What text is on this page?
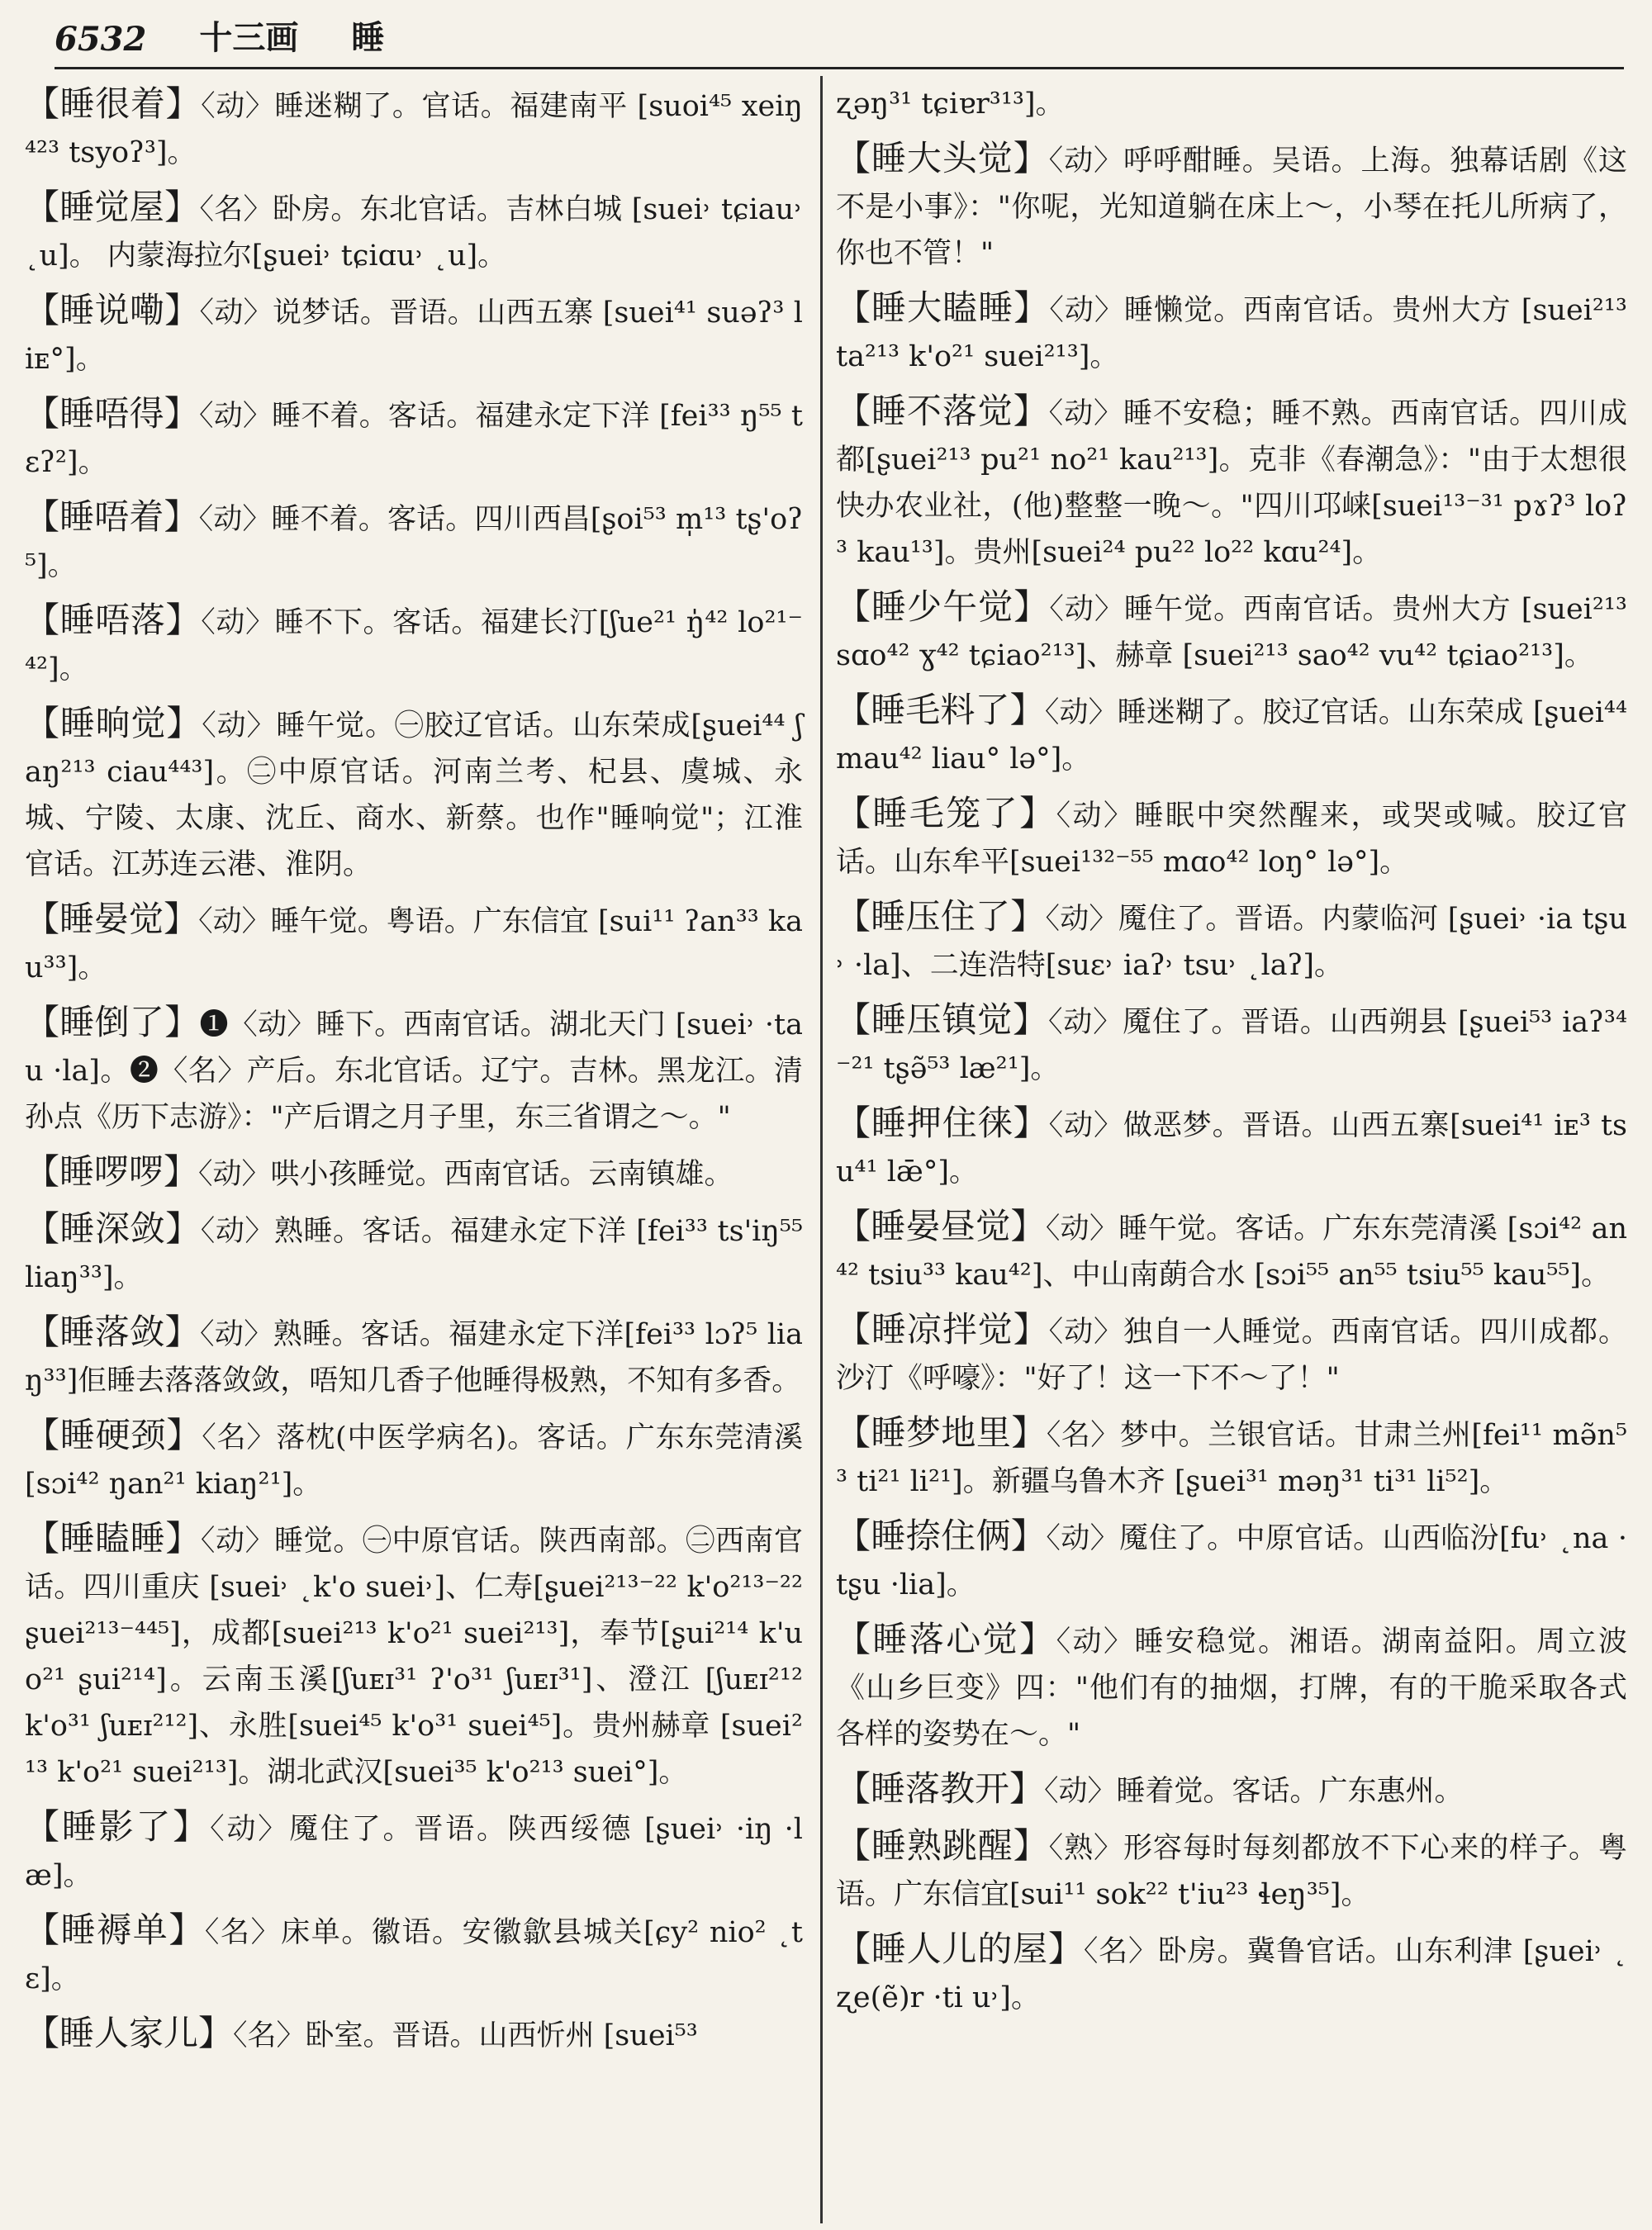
6532 十三画 睡
【睡很着】〈动〉睡迷糊了。官话。福建南平 [suoi⁴⁵ xeiŋ⁴²³ tsyoʔ³]。
【睡觉屋】〈名〉卧房。东北官话。吉林白城 [suei˒ tɕiau˒ ˛u]。 内蒙海拉尔[ʂuei˒ tɕiɑu˒ ˛u]。
【睡说嘞】〈动〉说梦话。晋语。山西五寨 [suei⁴¹ suəʔ³ liᴇ°]。
【睡唔得】〈动〉睡不着。客话。福建永定下洋 [fei³³ ŋ⁵⁵ tɛʔ²]。
【睡唔着】〈动〉睡不着。客话。四川西昌[ʂoi⁵³ m̩¹³ tʂ'oʔ⁵]。
【睡唔落】〈动〉睡不下。客话。福建长汀[ʃue²¹ ŋ̍⁴² lo²¹⁻⁴²]。
【睡晌觉】〈动〉睡午觉。㊀胶辽官话。山东荣成[ʂuei⁴⁴ ʃaŋ²¹³ ciau⁴⁴³]。㊁中原官话。河南兰考、杞县、虞城、永城、宁陵、太康、沈丘、商水、新蔡。也作"睡响觉"；江淮官话。江苏连云港、淮阴。
【睡晏觉】〈动〉睡午觉。粤语。广东信宜 [sui¹¹ ʔan³³ kau³³]。
【睡倒了】❶〈动〉睡下。西南官话。湖北天门 [suei˒ ·tau ·la]。❷〈名〉产后。东北官话。辽宁。吉林。黑龙江。清孙点《历下志游》："产后谓之月子里，东三省谓之～。"
【睡啰啰】〈动〉哄小孩睡觉。西南官话。云南镇雄。
【睡深敛】〈动〉熟睡。客话。福建永定下洋 [fei³³ ts'iŋ⁵⁵ liaŋ³³]。
【睡落敛】〈动〉熟睡。客话。福建永定下洋[fei³³ lɔʔ⁵ liaŋ³³]佢睡去落落敛敛，唔知几香子他睡得极熟，不知有多香。
【睡硬颈】〈名〉落枕(中医学病名)。客话。广东东莞清溪[sɔi⁴² ŋan²¹ kiaŋ²¹]。
【睡瞌睡】〈动〉睡觉。㊀中原官话。陕西南部。㊁西南官话。四川重庆 [suei˒ ˛k'o suei˒]、仁寿[ʂuei²¹³⁻²² k'o²¹³⁻²² ʂuei²¹³⁻⁴⁴⁵]，成都[suei²¹³ k'o²¹ suei²¹³]，奉节[ʂui²¹⁴ k'uo²¹ ʂui²¹⁴]。云南玉溪[ʃuᴇɪ³¹ ʔ'o³¹ ʃuᴇɪ³¹]、澄江 [ʃuᴇɪ²¹² k'o³¹ ʃuᴇɪ²¹²]、永胜[suei⁴⁵ k'o³¹ suei⁴⁵]。贵州赫章 [suei²¹³ k'o²¹ suei²¹³]。湖北武汉[suei³⁵ k'o²¹³ suei°]。
【睡影了】〈动〉魇住了。晋语。陕西绥德 [ʂuei˒ ·iŋ ·læ]。
【睡褥单】〈名〉床单。徽语。安徽歙县城关[ɕy² nio² ˛tɛ]。
【睡人家儿】〈名〉卧室。晋语。山西忻州 [suei⁵³
ʐəŋ³¹ tɕiɐr³¹³]。
【睡大头觉】〈动〉呼呼酣睡。吴语。上海。独幕话剧《这不是小事》："你呢，光知道躺在床上～，小琴在托儿所病了，你也不管！"
【睡大瞌睡】〈动〉睡懒觉。西南官话。贵州大方 [suei²¹³ ta²¹³ k'o²¹ suei²¹³]。
【睡不落觉】〈动〉睡不安稳；睡不熟。西南官话。四川成都[ʂuei²¹³ pu²¹ no²¹ kau²¹³]。克非《春潮急》："由于太想很快办农业社，(他)整整一晚～。"四川邛崃[suei¹³⁻³¹ pɤʔ³ loʔ³ kau¹³]。贵州[suei²⁴ pu²² lo²² kɑu²⁴]。
【睡少午觉】〈动〉睡午觉。西南官话。贵州大方 [suei²¹³ sɑo⁴² ɣ⁴² tɕiao²¹³]、赫章 [suei²¹³ sao⁴² vu⁴² tɕiao²¹³]。
【睡毛料了】〈动〉睡迷糊了。胶辽官话。山东荣成 [ʂuei⁴⁴ mau⁴² liau° lə°]。
【睡毛笼了】〈动〉睡眠中突然醒来，或哭或喊。胶辽官话。山东牟平[suei¹³²⁻⁵⁵ mɑo⁴² loŋ° lə°]。
【睡压住了】〈动〉魇住了。晋语。内蒙临河 [ʂuei˒ ·ia tʂu˒ ·la]、二连浩特[suɛ˒ iaʔ˒ tsu˒ ˛laʔ]。
【睡压镇觉】〈动〉魇住了。晋语。山西朔县 [ʂuei⁵³ iaʔ³⁴⁻²¹ tʂə̃⁵³ læ²¹]。
【睡押住徕】〈动〉做恶梦。晋语。山西五寨[suei⁴¹ iᴇ³ tsu⁴¹ lǣ°]。
【睡晏昼觉】〈动〉睡午觉。客话。广东东莞清溪 [sɔi⁴² an⁴² tsiu³³ kau⁴²]、中山南蓢合水 [sɔi⁵⁵ an⁵⁵ tsiu⁵⁵ kau⁵⁵]。
【睡凉拌觉】〈动〉独自一人睡觉。西南官话。四川成都。沙汀《呼嚎》："好了！这一下不～了！"
【睡梦地里】〈名〉梦中。兰银官话。甘肃兰州[fei¹¹ mə̃n⁵³ ti²¹ li²¹]。新疆乌鲁木齐 [ʂuei³¹ məŋ³¹ ti³¹ li⁵²]。
【睡捺住俩】〈动〉魇住了。中原官话。山西临汾[fu˒ ˛na ·tʂu ·lia]。
【睡落心觉】〈动〉睡安稳觉。湘语。湖南益阳。周立波《山乡巨变》四："他们有的抽烟，打牌，有的干脆采取各式各样的姿势在～。"
【睡落教开】〈动〉睡着觉。客话。广东惠州。
【睡熟跳醒】〈熟〉形容每时每刻都放不下心来的样子。粤语。广东信宜[sui¹¹ sok²² t'iu²³ ɬeŋ³⁵]。
【睡人儿的屋】〈名〉卧房。冀鲁官话。山东利津 [ʂuei˒ ˛ʐe(ẽ)r ·ti u˒]。
